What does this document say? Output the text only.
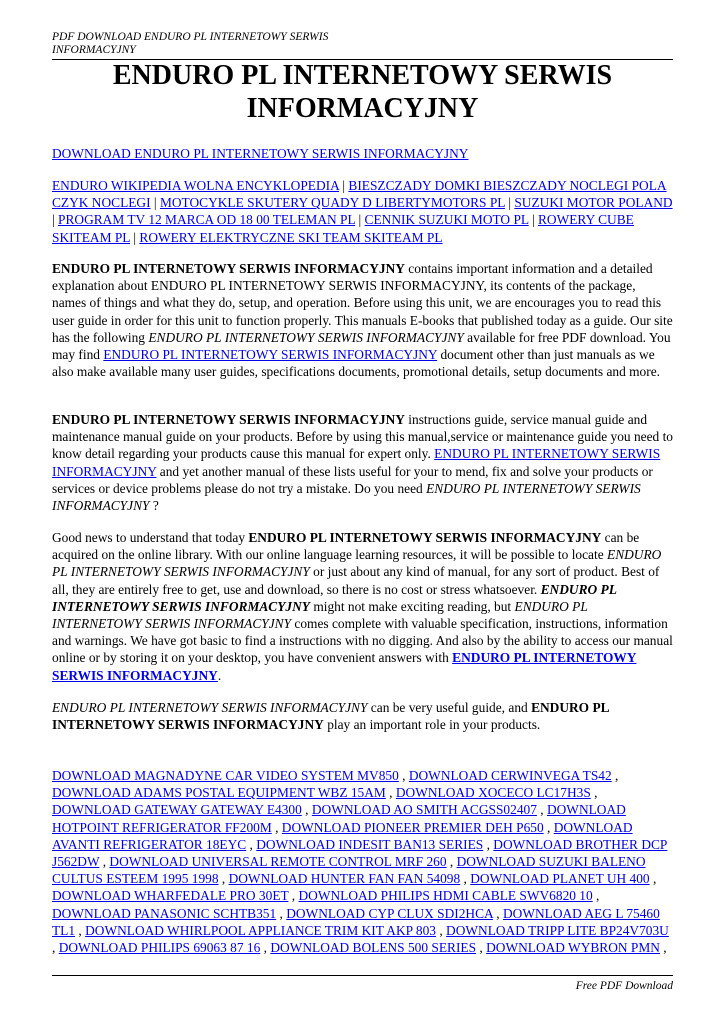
PDF DOWNLOAD ENDURO PL INTERNETOWY SERWIS
INFORMACYJNY
ENDURO PL INTERNETOWY SERWIS
INFORMACYJNY
DOWNLOAD ENDURO PL INTERNETOWY SERWIS INFORMACYJNY
ENDURO WIKIPEDIA WOLNA ENCYKLOPEDIA | BIESZCZADY DOMKI BIESZCZADY NOCLEGI POLA CZYK NOCLEGI | MOTOCYKLE SKUTERY QUADY D LIBERTYMOTORS PL | SUZUKI MOTOR POLAND | PROGRAM TV 12 MARCA OD 18 00 TELEMAN PL | CENNIK SUZUKI MOTO PL | ROWERY CUBE SKITEAM PL | ROWERY ELEKTRYCZNE SKI TEAM SKITEAM PL
ENDURO PL INTERNETOWY SERWIS INFORMACYJNY contains important information and a detailed explanation about ENDURO PL INTERNETOWY SERWIS INFORMACYJNY, its contents of the package, names of things and what they do, setup, and operation. Before using this unit, we are encourages you to read this user guide in order for this unit to function properly. This manuals E-books that published today as a guide. Our site has the following ENDURO PL INTERNETOWY SERWIS INFORMACYJNY available for free PDF download. You may find ENDURO PL INTERNETOWY SERWIS INFORMACYJNY document other than just manuals as we also make available many user guides, specifications documents, promotional details, setup documents and more.
ENDURO PL INTERNETOWY SERWIS INFORMACYJNY instructions guide, service manual guide and maintenance manual guide on your products. Before by using this manual,service or maintenance guide you need to know detail regarding your products cause this manual for expert only. ENDURO PL INTERNETOWY SERWIS INFORMACYJNY and yet another manual of these lists useful for your to mend, fix and solve your products or services or device problems please do not try a mistake. Do you need ENDURO PL INTERNETOWY SERWIS INFORMACYJNY ?
Good news to understand that today ENDURO PL INTERNETOWY SERWIS INFORMACYJNY can be acquired on the online library. With our online language learning resources, it will be possible to locate ENDURO PL INTERNETOWY SERWIS INFORMACYJNY or just about any kind of manual, for any sort of product. Best of all, they are entirely free to get, use and download, so there is no cost or stress whatsoever. ENDURO PL INTERNETOWY SERWIS INFORMACYJNY might not make exciting reading, but ENDURO PL INTERNETOWY SERWIS INFORMACYJNY comes complete with valuable specification, instructions, information and warnings. We have got basic to find a instructions with no digging. And also by the ability to access our manual online or by storing it on your desktop, you have convenient answers with ENDURO PL INTERNETOWY SERWIS INFORMACYJNY.
ENDURO PL INTERNETOWY SERWIS INFORMACYJNY can be very useful guide, and ENDURO PL INTERNETOWY SERWIS INFORMACYJNY play an important role in your products.
DOWNLOAD MAGNADYNE CAR VIDEO SYSTEM MV850 , DOWNLOAD CERWINVEGA TS42 , DOWNLOAD ADAMS POSTAL EQUIPMENT WBZ 15AM , DOWNLOAD XOCECO LC17H3S , DOWNLOAD GATEWAY GATEWAY E4300 , DOWNLOAD AO SMITH ACGSS02407 , DOWNLOAD HOTPOINT REFRIGERATOR FF200M , DOWNLOAD PIONEER PREMIER DEH P650 , DOWNLOAD AVANTI REFRIGERATOR 18EYC , DOWNLOAD INDESIT BAN13 SERIES , DOWNLOAD BROTHER DCP J562DW , DOWNLOAD UNIVERSAL REMOTE CONTROL MRF 260 , DOWNLOAD SUZUKI BALENO CULTUS ESTEEM 1995 1998 , DOWNLOAD HUNTER FAN FAN 54098 , DOWNLOAD PLANET UH 400 , DOWNLOAD WHARFEDALE PRO 30ET , DOWNLOAD PHILIPS HDMI CABLE SWV6820 10 , DOWNLOAD PANASONIC SCHTB351 , DOWNLOAD CYP CLUX SDI2HCA , DOWNLOAD AEG L 75460 TL1 , DOWNLOAD WHIRLPOOL APPLIANCE TRIM KIT AKP 803 , DOWNLOAD TRIPP LITE BP24V703U , DOWNLOAD PHILIPS 69063 87 16 , DOWNLOAD BOLENS 500 SERIES , DOWNLOAD WYBRON PMN ,
Free PDF Download
